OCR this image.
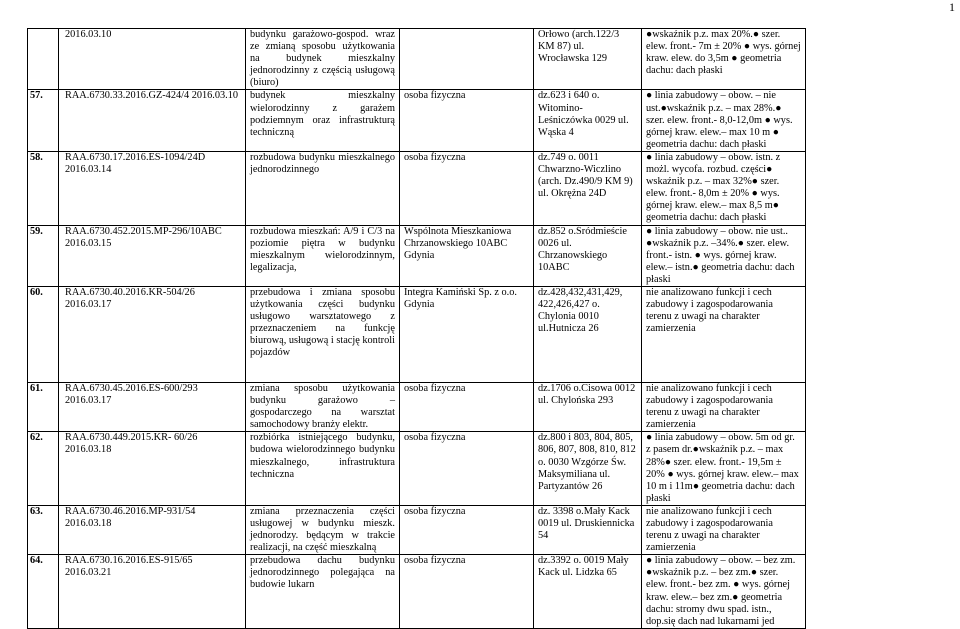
1
	2016.03.10	budynku garażowo-gospod. wraz ze zmianą sposobu użytkowania na budynek mieszkalny jednorodzinny z częścią usługową (biuro)		Orłowo (arch.122/3 KM 87) ul. Wrocławska 129	●wskaźnik p.z. max 20%.● szer. elew. front.- 7m ± 20% ● wys. górnej kraw. elew. do 3,5m ● geometria dachu: dach płaski

57.	RAA.6730.33.2016.GZ-424/4 2016.03.10	budynek mieszkalny wielorodzinny z garażem podziemnym oraz infrastrukturą techniczną	osoba fizyczna	dz.623 i 640 o. Witomino-Leśniczówka 0029 ul. Wąska 4	● linia zabudowy – obow. – nie ust.●wskaźnik p.z. – max 28%.● szer. elew. front.- 8,0-12,0m ● wys. górnej kraw. elew.– max 10 m ● geometria dachu: dach płaski

58.	RAA.6730.17.2016.ES-1094/24D 2016.03.14	rozbudowa budynku mieszkalnego jednorodzinnego	osoba fizyczna	dz.749 o. 0011 Chwarzno-Wiczlino (arch. Dz.490/9 KM 9) ul. Okrężna 24D	● linia zabudowy – obow. istn. z możl. wycofa. rozbud. części● wskaźnik p.z. – max 32%● szer. elew. front.- 8,0m ± 20% ● wys. górnej kraw. elew.– max 8,5 m● geometria dachu: dach płaski

59.	RAA.6730.452.2015.MP-296/10ABC 2016.03.15	rozbudowa mieszkań: A/9 i C/3 na poziomie piętra w budynku mieszkalnym wielorodzinnym, legalizacja,	Wspólnota Mieszkaniowa Chrzanowskiego 10ABC Gdynia	dz.852 o.Śródmieście 0026 ul. Chrzanowskiego 10ABC	● linia zabudowy – obow. nie ust.. ●wskaźnik p.z. –34%.● szer. elew. front.- istn. ● wys. górnej kraw. elew.– istn.● geometria dachu: dach płaski

60.	RAA.6730.40.2016.KR-504/26 2016.03.17	przebudowa i zmiana sposobu użytkowania części budynku usługowo warsztatowego z przeznaczeniem na funkcję biurową, usługową i stację kontroli pojazdów	Integra Kamiński Sp. z o.o. Gdynia	dz.428,432,431,429, 422,426,427 o. Chylonia 0010 ul.Hutnicza 26	nie analizowano funkcji i cech zabudowy i zagospodarowania terenu z uwagi na charakter zamierzenia

61.	RAA.6730.45.2016.ES-600/293 2016.03.17	zmiana sposobu użytkowania budynku garażowo – gospodarczego na warsztat samochodowy branży elektr.	osoba fizyczna	dz.1706 o.Cisowa 0012 ul. Chylońska 293	nie analizowano funkcji i cech zabudowy i zagospodarowania terenu z uwagi na charakter zamierzenia

62.	RAA.6730.449.2015.KR- 60/26 2016.03.18	rozbiórka istniejącego budynku, budowa wielorodzinnego budynku mieszkalnego, infrastruktura techniczna	osoba fizyczna	dz.800 i 803, 804, 805, 806, 807, 808, 810, 812 o. 0030 Wzgórze Św. Maksymiliana ul. Partyzantów 26	● linia zabudowy – obow. 5m od gr. z pasem dr.●wskaźnik p.z. – max 28%● szer. elew. front.- 19,5m ± 20% ● wys. górnej kraw. elew.– max 10 m i 11m● geometria dachu: dach płaski

63.	RAA.6730.46.2016.MP-931/54 2016.03.18	zmiana przeznaczenia części usługowej w budynku mieszk. jednorodzy. będącym w trakcie realizacji, na część mieszkalną	osoba fizyczna	dz. 3398 o.Mały Kack 0019 ul. Druskiennicka 54	nie analizowano funkcji i cech zabudowy i zagospodarowania terenu z uwagi na charakter zamierzenia

64.	RAA.6730.16.2016.ES-915/65 2016.03.21	przebudowa dachu budynku jednorodzinnego polegająca na budowie lukarn	osoba fizyczna	dz.3392 o. 0019 Mały Kack ul. Lidzka 65	● linia zabudowy – obow. – bez zm. ●wskaźnik p.z. – bez zm.● szer. elew. front.- bez zm. ● wys. górnej kraw. elew.– bez zm.● geometria dachu: stromy dwu spad. istn., dop.się dach nad lukarnami jed
